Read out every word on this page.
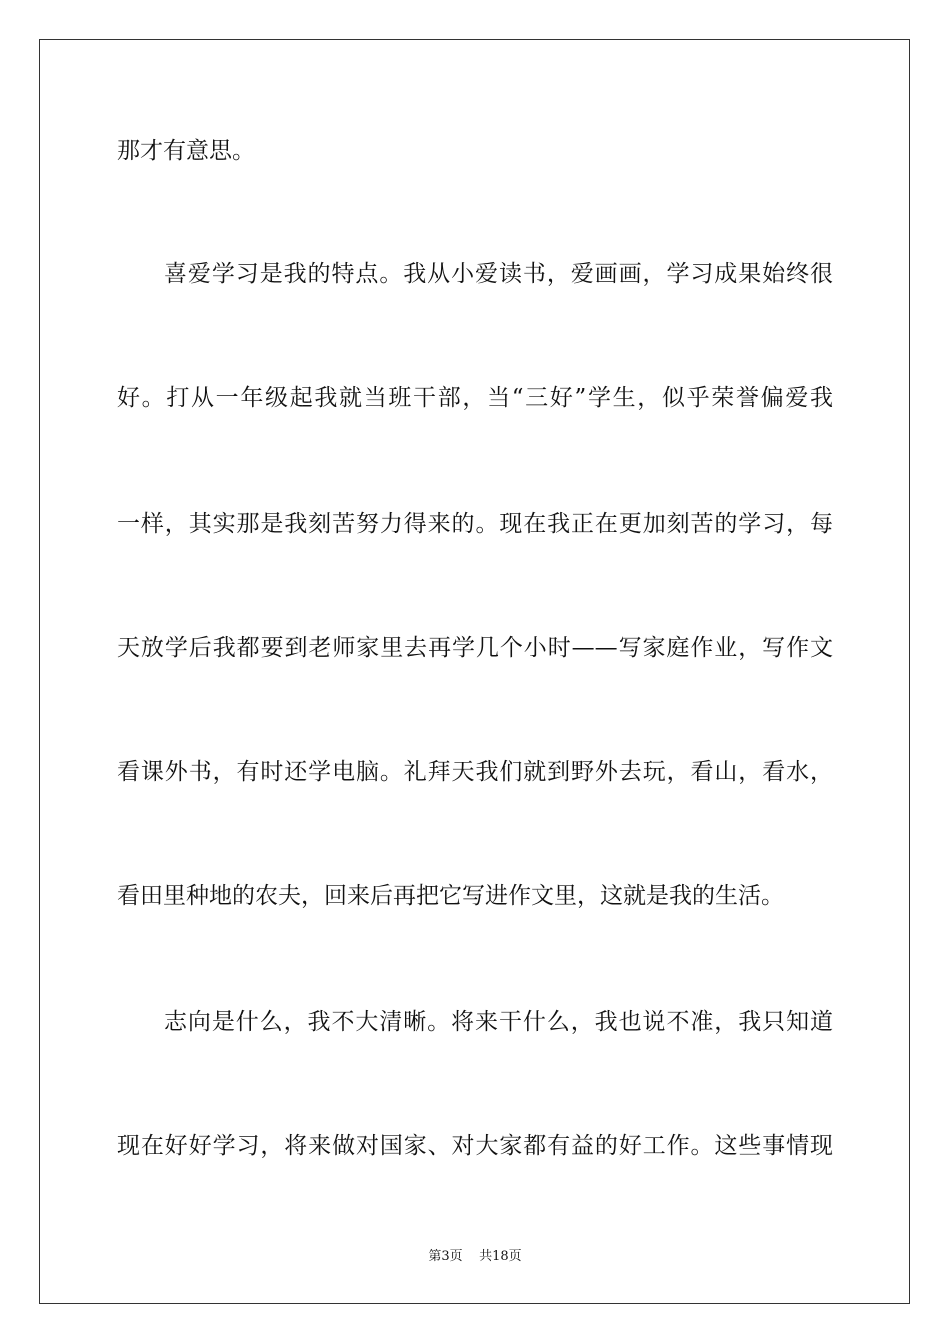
那才有意思。
喜爱学习是我的特点。我从小爱读书，爱画画，学习成果始终很
好。打从一年级起我就当班干部，当“三好”学生，似乎荣誉偏爱我
一样，其实那是我刻苦努力得来的。现在我正在更加刻苦的学习，每
天放学后我都要到老师家里去再学几个小时——写家庭作业，写作文
看课外书，有时还学电脑。礼拜天我们就到野外去玩，看山，看水，
看田里种地的农夫，回来后再把它写进作文里，这就是我的生活。
志向是什么，我不大清晰。将来干什么，我也说不准，我只知道
现在好好学习，将来做对国家、对大家都有益的好工作。这些事情现
第3页 共18页
